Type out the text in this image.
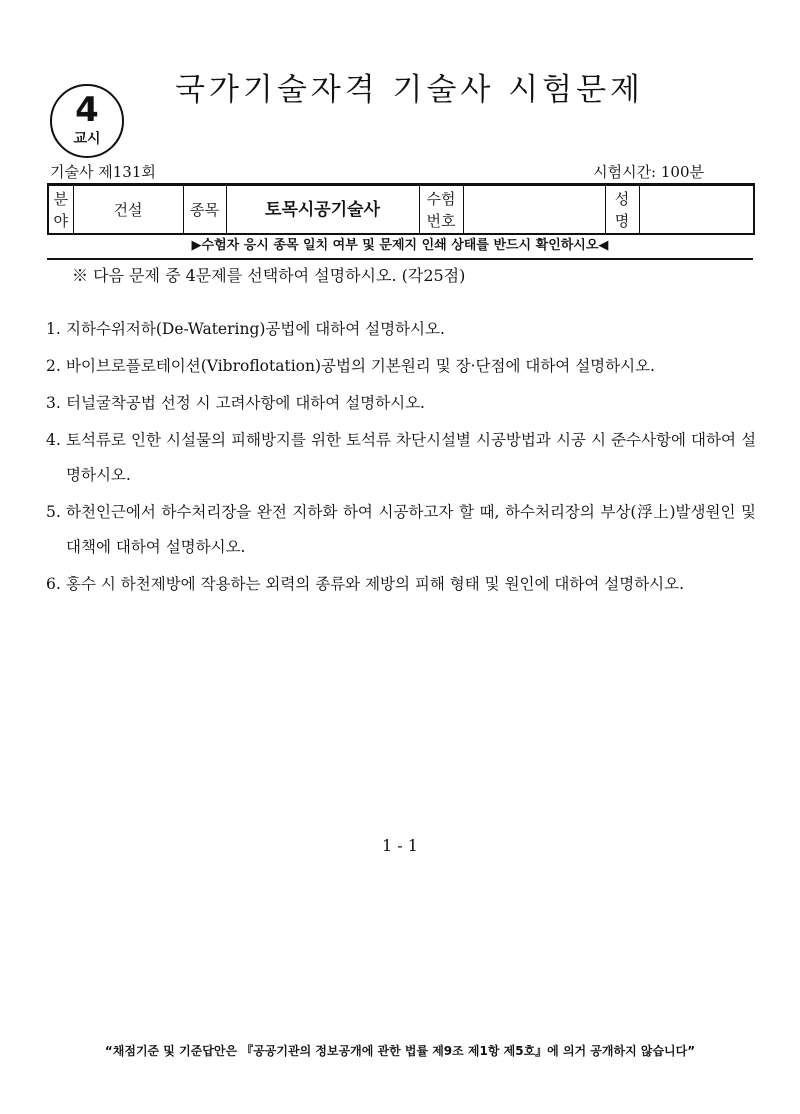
4
교시
국가기술자격 기술사 시험문제
기술사 제131회	시험시간: 100분
분야	건설	종목	토목시공기술사	수험번호		성명	
▶수험자 응시 종목 일치 여부 및 문제지 인쇄 상태를 반드시 확인하시오◀
※ 다음 문제 중 4문제를 선택하여 설명하시오. (각25점)
1. 지하수위저하(De-Watering)공법에 대하여 설명하시오.
2. 바이브로플로테이션(Vibroflotation)공법의 기본원리 및 장·단점에 대하여 설명하시오.
3. 터널굴착공법 선정 시 고려사항에 대하여 설명하시오.
4. 토석류로 인한 시설물의 피해방지를 위한 토석류 차단시설별 시공방법과 시공 시 준수사항에 대하여 설명하시오.
5. 하천인근에서 하수처리장을 완전 지하화 하여 시공하고자 할 때, 하수처리장의 부상(浮上)발생원인 및 대책에 대하여 설명하시오.
6. 홍수 시 하천제방에 작용하는 외력의 종류와 제방의 피해 형태 및 원인에 대하여 설명하시오.
1 - 1
“채점기준 및 기준답안은 『공공기관의 정보공개에 관한 법률 제9조 제1항 제5호』에 의거 공개하지 않습니다”
